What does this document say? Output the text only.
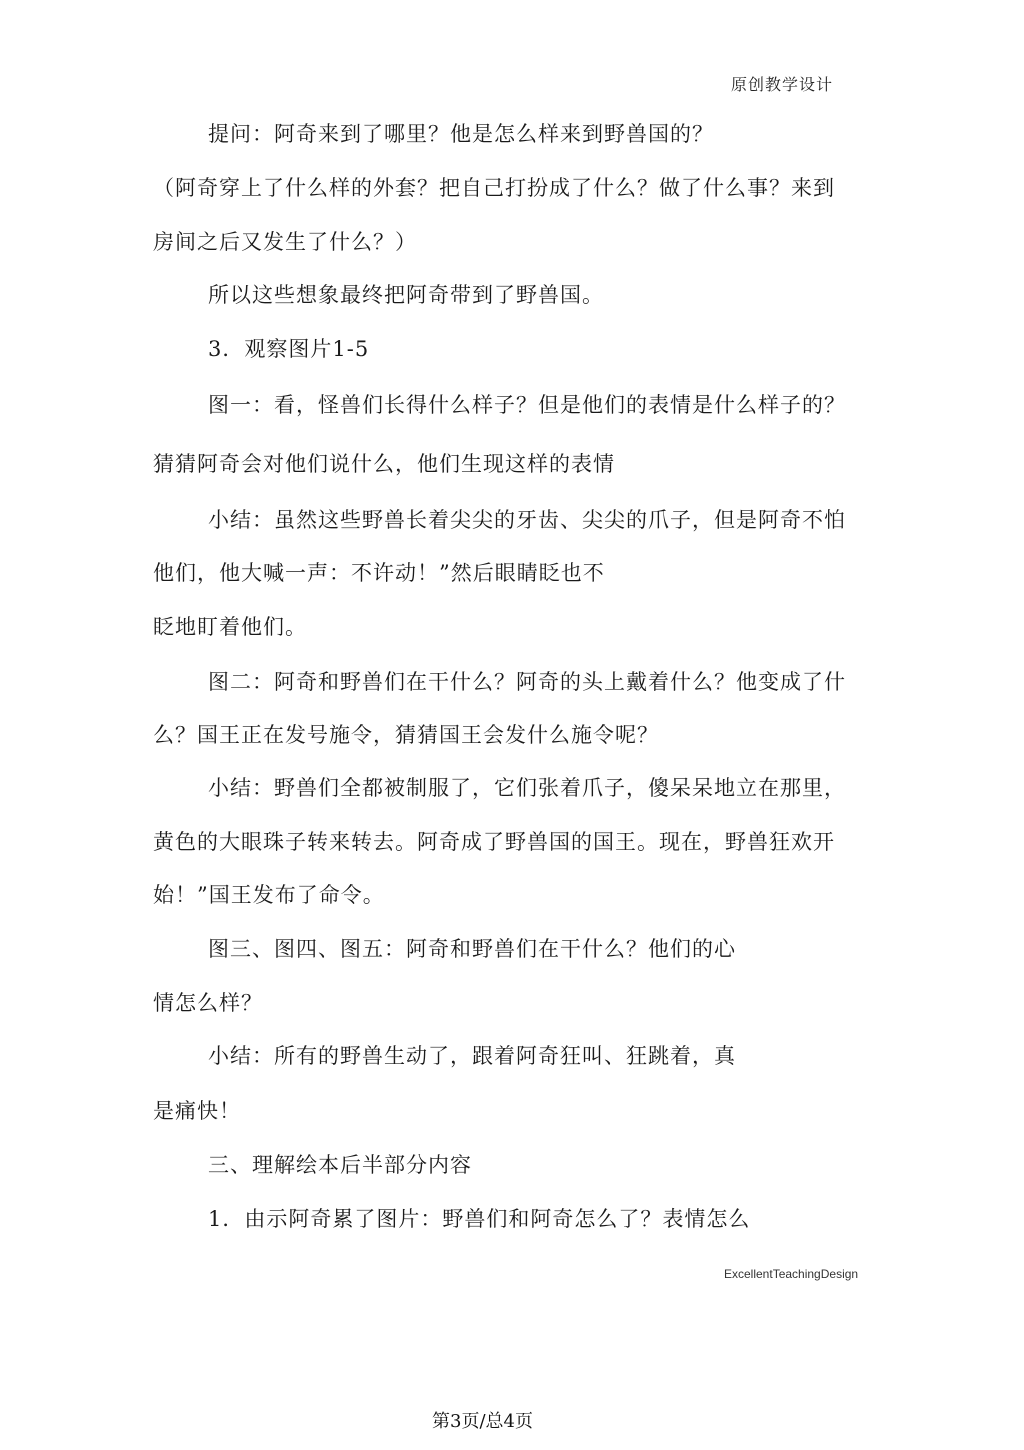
原创教学设计
提问：阿奇来到了哪里？他是怎么样来到野兽国的？
（阿奇穿上了什么样的外套？把自己打扮成了什么？做了什么事？来到
房间之后又发生了什么？）
所以这些想象最终把阿奇带到了野兽国。
3．观察图片1-5
图一：看，怪兽们长得什么样子？但是他们的表情是什么样子的？
猜猜阿奇会对他们说什么，他们生现这样的表情
小结：虽然这些野兽长着尖尖的牙齿、尖尖的爪子，但是阿奇不怕
他们，他大喊一声：不许动！”然后眼睛眨也不
眨地盯着他们。
图二：阿奇和野兽们在干什么？阿奇的头上戴着什么？他变成了什
么？国王正在发号施令，猜猜国王会发什么施令呢？
小结：野兽们全都被制服了，它们张着爪子，傻呆呆地立在那里，
黄色的大眼珠子转来转去。阿奇成了野兽国的国王。现在，野兽狂欢开
始！”国王发布了命令。
图三、图四、图五：阿奇和野兽们在干什么？他们的心
情怎么样？
小结：所有的野兽生动了，跟着阿奇狂叫、狂跳着，真
是痛快！
三、理解绘本后半部分内容
1．由示阿奇累了图片：野兽们和阿奇怎么了？表情怎么
ExcellentTeachingDesign
第3页/总4页
